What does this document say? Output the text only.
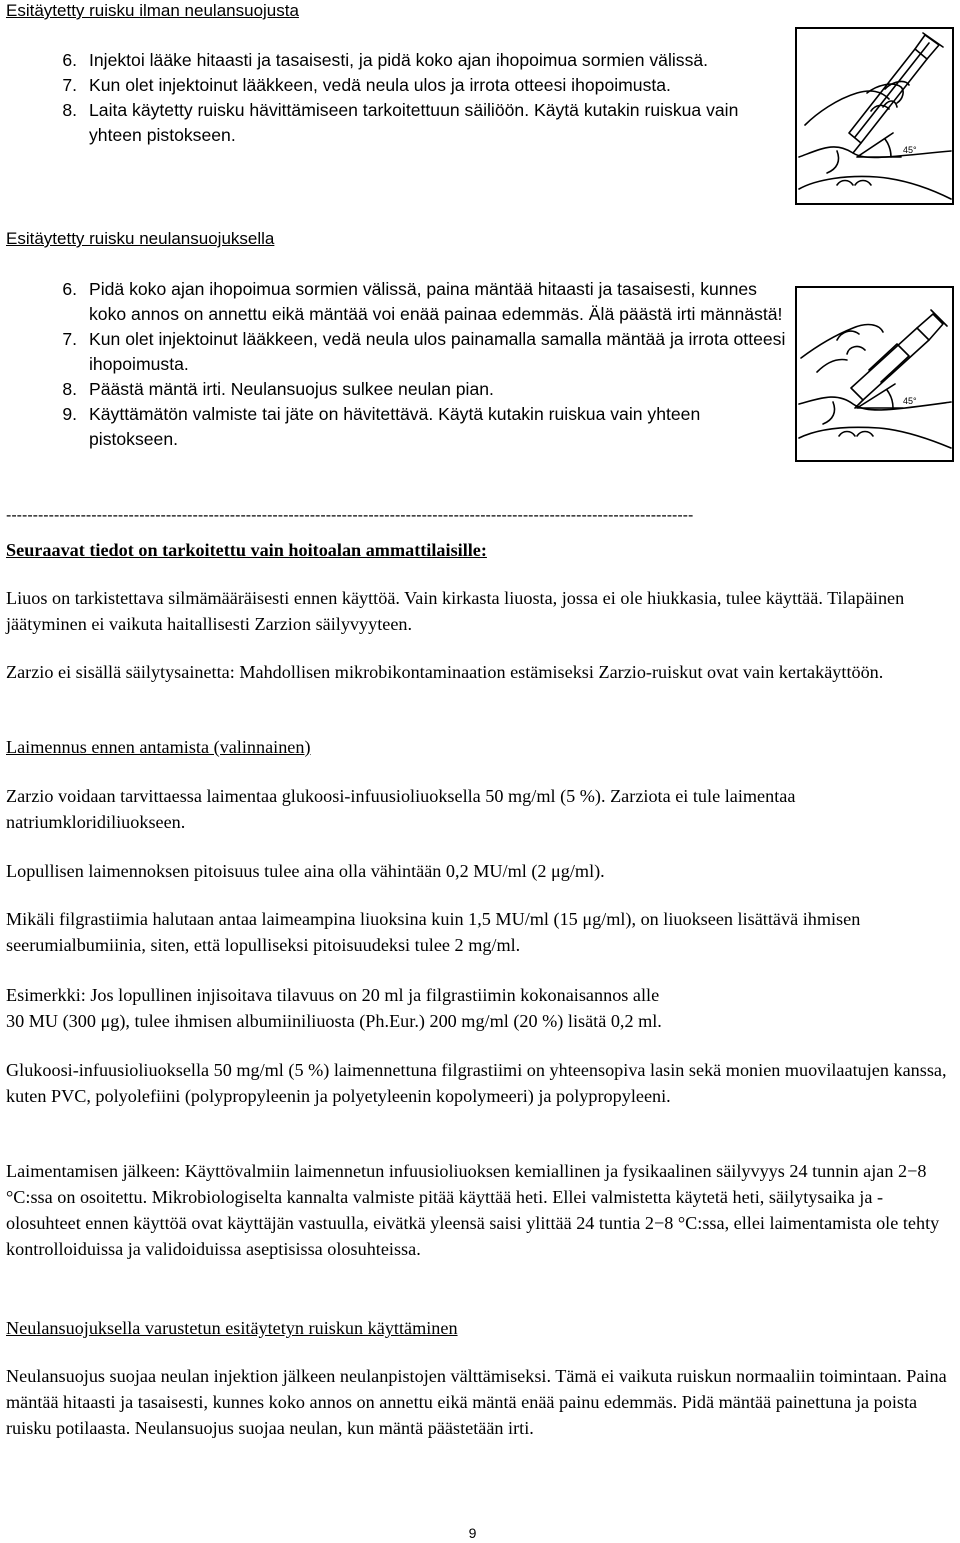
Esitäytetty ruisku ilman neulansuojusta
6. Injektoi lääke hitaasti ja tasaisesti, ja pidä koko ajan ihopoimua sormien välissä.
7. Kun olet injektoinut lääkkeen, vedä neula ulos ja irrota otteesi ihopoimusta.
8. Laita käytetty ruisku hävittämiseen tarkoitettuun säiliöön. Käytä kutakin ruiskua vain yhteen pistokseen.
45°
Esitäytetty ruisku neulansuojuksella
6. Pidä koko ajan ihopoimua sormien välissä, paina mäntää hitaasti ja tasaisesti, kunnes koko annos on annettu eikä mäntää voi enää painaa edemmäs. Älä päästä irti männästä!
7. Kun olet injektoinut lääkkeen, vedä neula ulos painamalla samalla mäntää ja irrota otteesi ihopoimusta.
8. Päästä mäntä irti. Neulansuojus sulkee neulan pian.
9. Käyttämätön valmiste tai jäte on hävitettävä. Käytä kutakin ruiskua vain yhteen pistokseen.
45°
---------------------------------------------------------------------------------------------------------------------------------
Seuraavat tiedot on tarkoitettu vain hoitoalan ammattilaisille:

Liuos on tarkistettava silmämääräisesti ennen käyttöä. Vain kirkasta liuosta, jossa ei ole hiukkasia, tulee käyttää. Tilapäinen jäätyminen ei vaikuta haitallisesti Zarzion säilyvyyteen.

Zarzio ei sisällä säilytysainetta: Mahdollisen mikrobikontaminaation estämiseksi Zarzio-ruiskut ovat vain kertakäyttöön.

Laimennus ennen antamista (valinnainen)

Zarzio voidaan tarvittaessa laimentaa glukoosi-infuusioliuoksella 50 mg/ml (5 %). Zarziota ei tule laimentaa natriumkloridiliuokseen.

Lopullisen laimennoksen pitoisuus tulee aina olla vähintään 0,2 MU/ml (2 μg/ml).

Mikäli filgrastiimia halutaan antaa laimeampina liuoksina kuin 1,5 MU/ml (15 μg/ml), on liuokseen lisättävä ihmisen seerumialbumiinia, siten, että lopulliseksi pitoisuudeksi tulee 2 mg/ml.

Esimerkki: Jos lopullinen injisoitava tilavuus on 20 ml ja filgrastiimin kokonaisannos alle
30 MU (300 μg), tulee ihmisen albumiiniliuosta (Ph.Eur.) 200 mg/ml (20 %) lisätä 0,2 ml.

Glukoosi-infuusioliuoksella 50 mg/ml (5 %) laimennettuna filgrastiimi on yhteensopiva lasin sekä monien muovilaatujen kanssa, kuten PVC, polyolefiini (polypropyleenin ja polyetyleenin kopolymeeri) ja polypropyleeni.

Laimentamisen jälkeen: Käyttövalmiin laimennetun infuusioliuoksen kemiallinen ja fysikaalinen säilyvyys 24 tunnin ajan 2−8 °C:ssa on osoitettu. Mikrobiologiselta kannalta valmiste pitää käyttää heti. Ellei valmistetta käytetä heti, säilytysaika ja -olosuhteet ennen käyttöä ovat käyttäjän vastuulla, eivätkä yleensä saisi ylittää 24 tuntia 2−8 °C:ssa, ellei laimentamista ole tehty kontrolloiduissa ja validoiduissa aseptisissa olosuhteissa.

Neulansuojuksella varustetun esitäytetyn ruiskun käyttäminen

Neulansuojus suojaa neulan injektion jälkeen neulanpistojen välttämiseksi. Tämä ei vaikuta ruiskun normaaliin toimintaan. Paina mäntää hitaasti ja tasaisesti, kunnes koko annos on annettu eikä mäntä enää painu edemmäs. Pidä mäntää painettuna ja poista ruisku potilaasta. Neulansuojus suojaa neulan, kun mäntä päästetään irti.

9
